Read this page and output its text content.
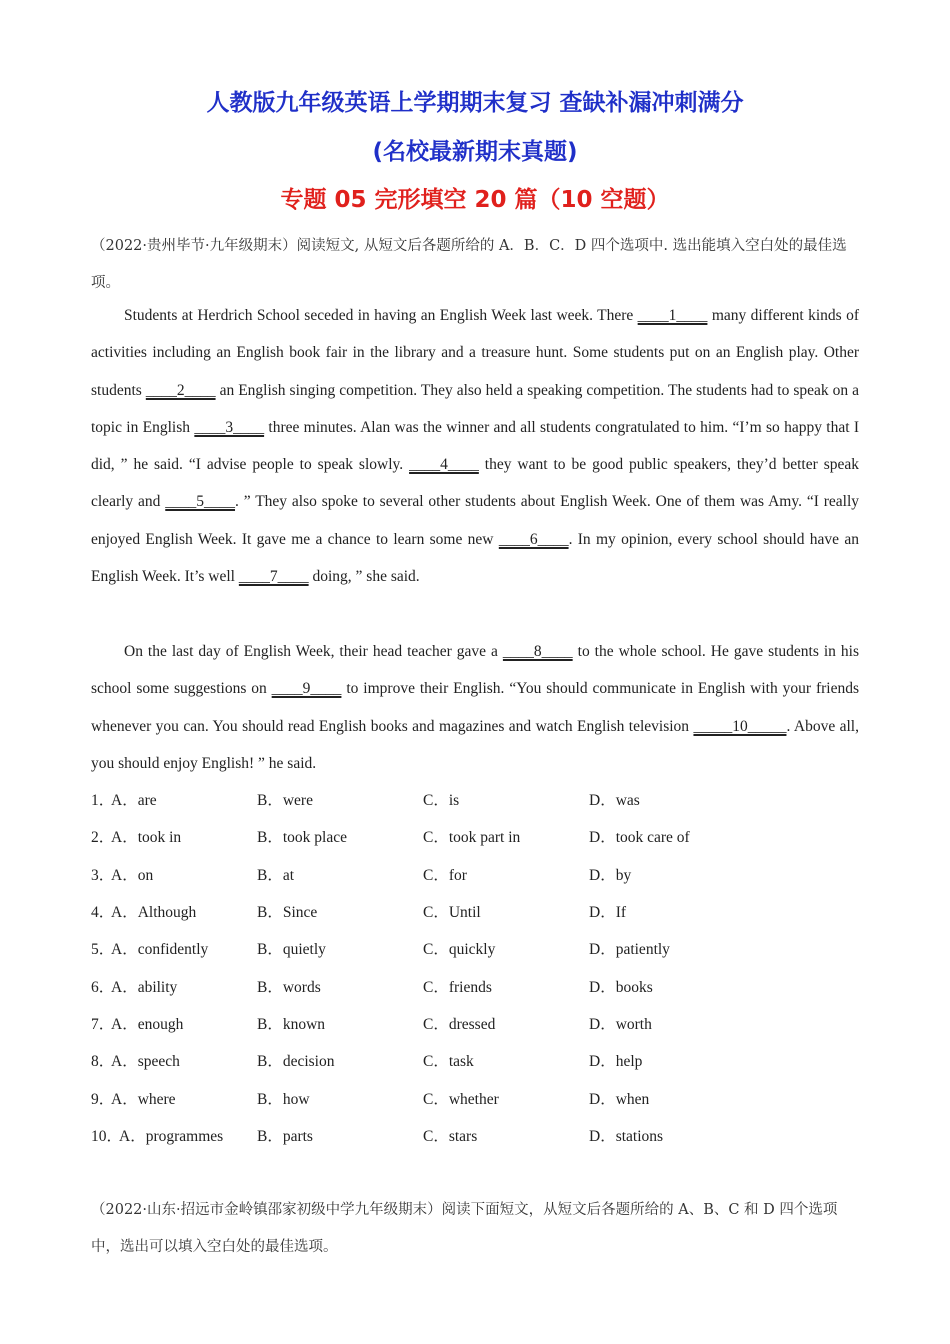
人教版九年级英语上学期期末复习 查缺补漏冲刺满分
(名校最新期末真题)
专题 05 完形填空 20 篇（10 空题）
（2022·贵州毕节·九年级期末）阅读短文, 从短文后各题所给的 A．B．C．D 四个选项中. 选出能填入空白处的最佳选项。
Students at Herdrich School seceded in having an English Week last week. There ____1____ many different kinds of activities including an English book fair in the library and a treasure hunt. Some students put on an English play. Other students ____2____ an English singing competition. They also held a speaking competition. The students had to speak on a topic in English ____3____ three minutes. Alan was the winner and all students congratulated to him. “I’m so happy that I did, ” he said. “I advise people to speak slowly. ____4____ they want to be good public speakers, they’d better speak clearly and ____5____. ” They also spoke to several other students about English Week. One of them was Amy. “I really enjoyed English Week. It gave me a chance to learn some new ____6____. In my opinion, every school should have an English Week. It’s well ____7____ doing, ” she said.
On the last day of English Week, their head teacher gave a ____8____ to the whole school. He gave students in his school some suggestions on ____9____ to improve their English. “You should communicate in English with your friends whenever you can. You should read English books and magazines and watch English television _____10_____. Above all, you should enjoy English! ” he said.
1．
A．are	B．were	C．is	D．was
2．
A．took in	B．took place	C．took part in	D．took care of
3．
A．on	B．at	C．for	D．by
4．
A．Although	B．Since	C．Until	D．If
5．
A．confidently	B．quietly	C．quickly	D．patiently
6．
A．ability	B．words	C．friends	D．books
7．
A．enough	B．known	C．dressed	D．worth
8．
A．speech	B．decision	C．task	D．help
9．
A．where	B．how	C．whether	D．when
10．
A．programmes	B．parts	C．stars	D．stations
（2022·山东·招远市金岭镇邵家初级中学九年级期末）阅读下面短文，从短文后各题所给的 A、B、C 和 D 四个选项中，选出可以填入空白处的最佳选项。
